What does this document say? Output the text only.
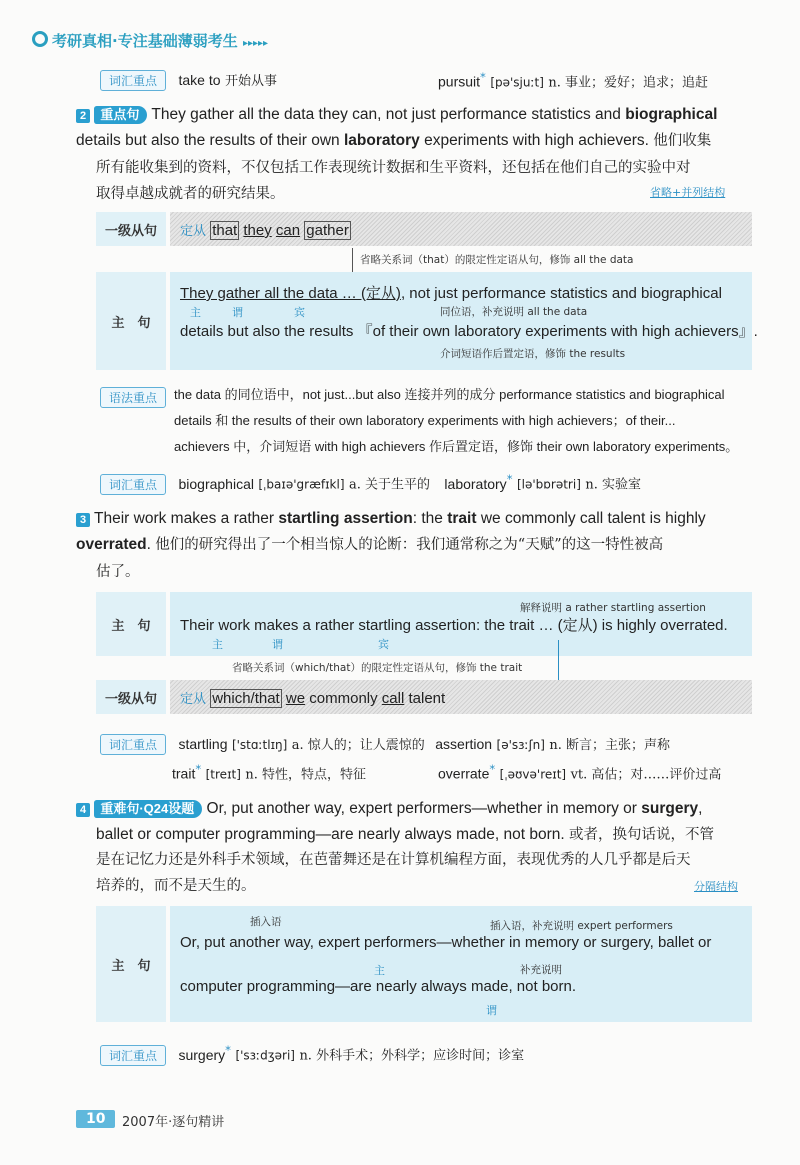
考研真相·专注基础薄弱考生 ▸▸▸▸▸
词汇重点 take to 开始从事	pursuit* [pə'sjuːt] n. 事业；爱好；追求；追赶
2 重点句 They gather all the data they can, not just performance statistics and biographical details but also the results of their own laboratory experiments with high achievers. 他们收集
所有能收集到的资料，不仅包括工作表现统计数据和生平资料，还包括在他们自己的实验中对
取得卓越成就者的研究结果。	省略+并列结构
一级从句	定从 that they can gather
省略关系词（that）的限定性定语从句，修饰 all the data
主　句
They gather all the data … (定从), not just performance statistics and biographical
主	谓	宾	同位语，补充说明 all the data
details but also the results 『of their own laboratory experiments with high achievers』.
介词短语作后置定语，修饰 the results
语法重点	the data 的同位语中，not just...but also 连接并列的成分 performance statistics and biographical
details 和 the results of their own laboratory experiments with high achievers；of their...
achievers 中，介词短语 with high achievers 作后置定语，修饰 their own laboratory experiments。
词汇重点 biographical [ˌbaɪə'græfɪkl] a. 关于生平的 laboratory* [lə'bɒrətri] n. 实验室
3 Their work makes a rather startling assertion: the trait we commonly call talent is highly overrated. 他们的研究得出了一个相当惊人的论断：我们通常称之为“天赋”的这一特性被高
估了。
主　句
解释说明 a rather startling assertion
Their work makes a rather startling assertion: the trait … (定从) is highly overrated.
主	谓	宾
省略关系词（which/that）的限定性定语从句，修饰 the trait
一级从句	定从 which/that we commonly call talent
词汇重点 startling ['stɑːtlɪŋ] a. 惊人的；让人震惊的 assertion [ə'sɜːʃn] n. 断言；主张；声称
trait* [treɪt] n. 特性，特点，特征	overrate* [ˌəʊvə'reɪt] vt. 高估；对……评价过高
4 重难句·Q24设题 Or, put another way, expert performers—whether in memory or surgery,
ballet or computer programming—are nearly always made, not born. 或者，换句话说，不管
是在记忆力还是外科手术领域，在芭蕾舞还是在计算机编程方面，表现优秀的人几乎都是后天
培养的，而不是天生的。	分隔结构
主　句
插入语	插入语，补充说明 expert performers
Or, put another way, expert performers—whether in memory or surgery, ballet or
主	补充说明
computer programming—are nearly always made, not born.
谓
词汇重点 surgery* ['sɜːdʒəri] n. 外科手术；外科学；应诊时间；诊室
10	2007年·逐句精讲
